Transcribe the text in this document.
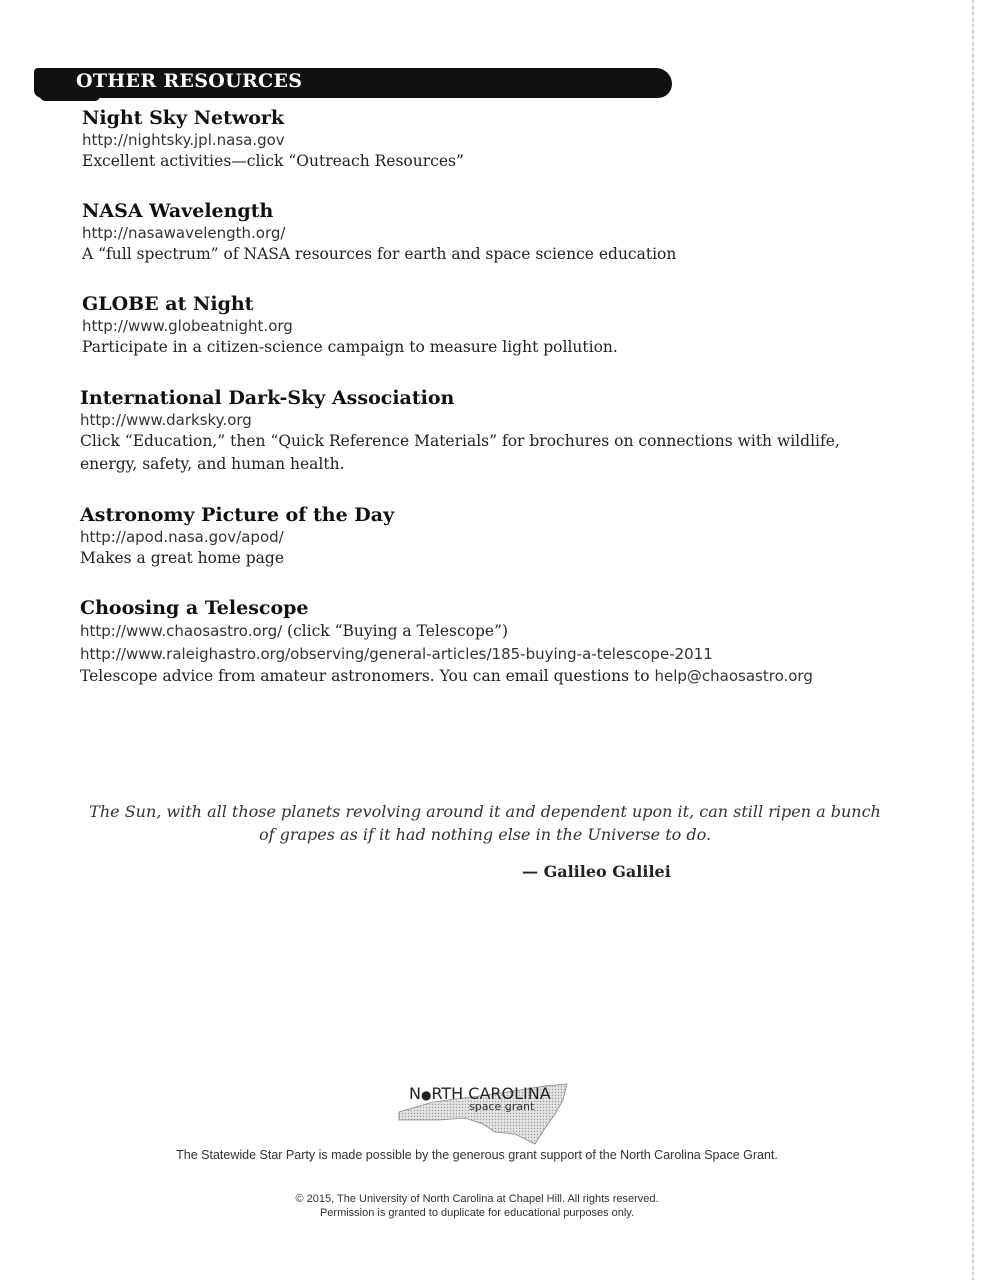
OTHER RESOURCES
Night Sky Network
http://nightsky.jpl.nasa.gov
Excellent activities—click “Outreach Resources”
NASA Wavelength
http://nasawavelength.org/
A “full spectrum” of NASA resources for earth and space science education
GLOBE at Night
http://www.globeatnight.org
Participate in a citizen-science campaign to measure light pollution.
International Dark-Sky Association
http://www.darksky.org
Click “Education,” then “Quick Reference Materials” for brochures on connections with wildlife, energy, safety, and human health.
Astronomy Picture of the Day
http://apod.nasa.gov/apod/
Makes a great home page
Choosing a Telescope
http://www.chaosastro.org/ (click “Buying a Telescope”)
http://www.raleighastro.org/observing/general-articles/185-buying-a-telescope-2011
Telescope advice from amateur astronomers. You can email questions to help@chaosastro.org
The Sun, with all those planets revolving around it and dependent upon it, can still ripen a bunch of grapes as if it had nothing else in the Universe to do.
— Galileo Galilei
N●RTH CAROLINA
space grant
The Statewide Star Party is made possible by the generous grant support of the North Carolina Space Grant.
© 2015, The University of North Carolina at Chapel Hill. All rights reserved.
Permission is granted to duplicate for educational purposes only.
